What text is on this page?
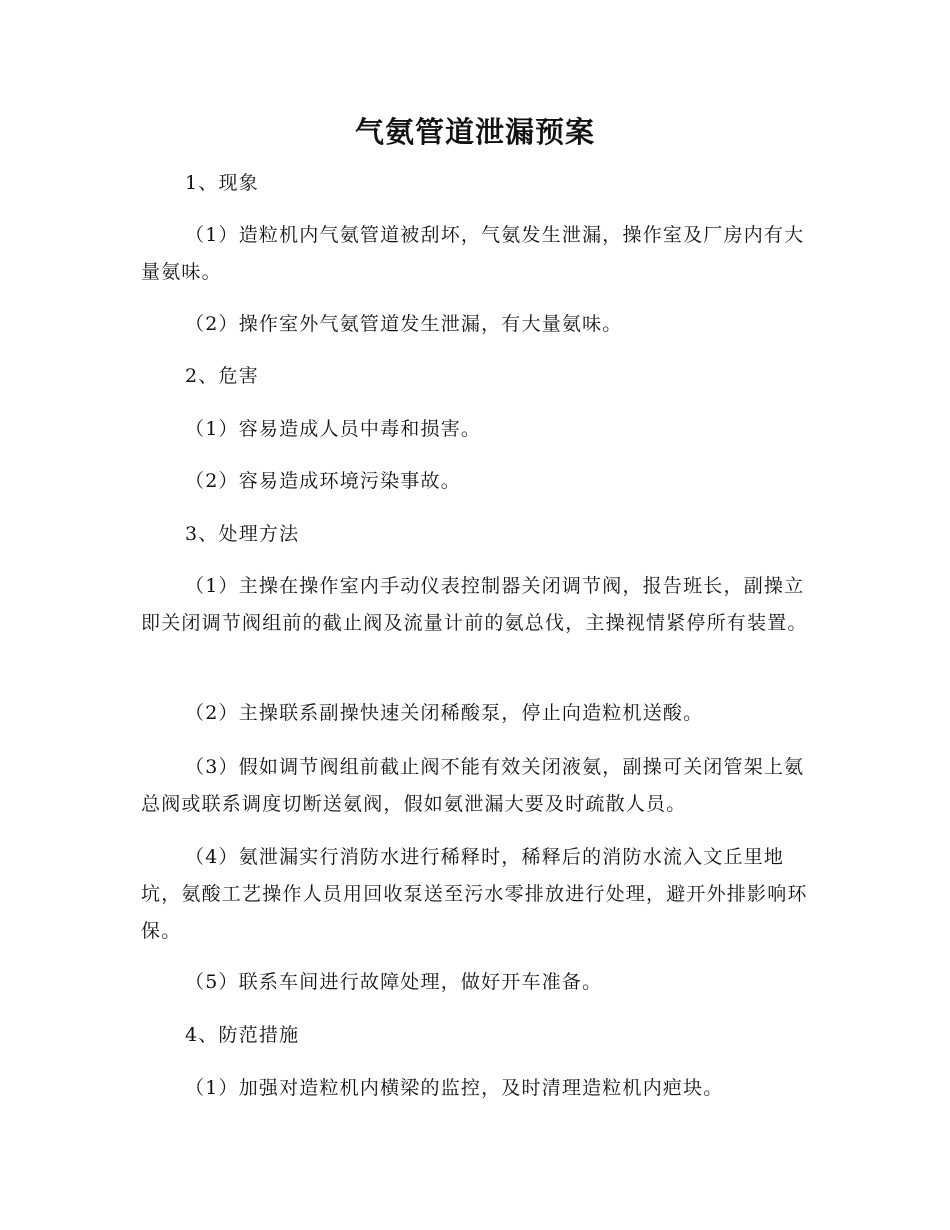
气氨管道泄漏预案

1、现象

（1）造粒机内气氨管道被刮坏，气氨发生泄漏，操作室及厂房内有大量氨味。

（2）操作室外气氨管道发生泄漏，有大量氨味。

2、危害

（1）容易造成人员中毒和损害。

（2）容易造成环境污染事故。

3、处理方法

（1）主操在操作室内手动仪表控制器关闭调节阀，报告班长，副操立即关闭调节阀组前的截止阀及流量计前的氨总伐，主操视情紧停所有装置。

（2）主操联系副操快速关闭稀酸泵，停止向造粒机送酸。

（3）假如调节阀组前截止阀不能有效关闭液氨，副操可关闭管架上氨总阀或联系调度切断送氨阀，假如氨泄漏大要及时疏散人员。

（4）氨泄漏实行消防水进行稀释时，稀释后的消防水流入文丘里地坑，氨酸工艺操作人员用回收泵送至污水零排放进行处理，避开外排影响环保。

（5）联系车间进行故障处理，做好开车准备。

4、防范措施

（1）加强对造粒机内横梁的监控，及时清理造粒机内疤块。
